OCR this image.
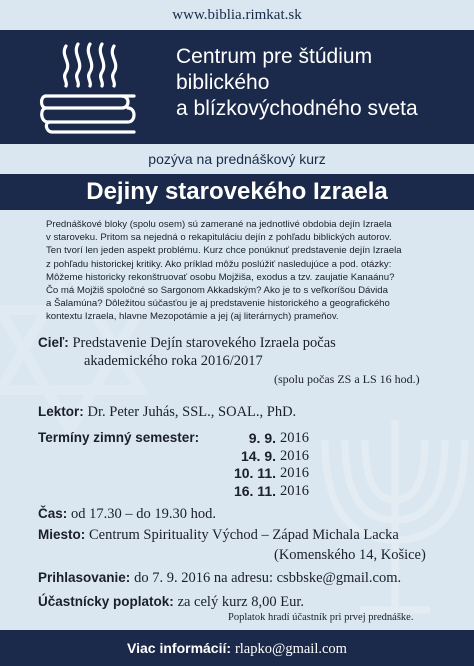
www.biblia.rimkat.sk
Centrum pre štúdium
biblického
a blízkovýchodného sveta
pozýva na prednáškový kurz
Dejiny starovekého Izraela
Prednáškové bloky (spolu osem) sú zamerané na jednotlivé obdobia dejín Izraela
v staroveku. Pritom sa nejedná o rekapituláciu dejín z pohľadu biblických autorov.
Ten tvorí len jeden aspekt problému. Kurz chce ponúknuť predstavenie dejín Izraela
z pohľadu historickej kritiky. Ako príklad môžu poslúžiť nasledujúce a pod. otázky:
Môžeme historicky rekonštruovať osobu Mojžiša, exodus a tzv. zaujatie Kanaánu?
Čo má Mojžiš spoločné so Sargonom Akkadským? Ako je to s veľkoríšou Dávida
a Šalamúna? Dôležitou súčasťou je aj predstavenie historického a geografického
kontextu Izraela, hlavne Mezopotámie a jej (aj literárnych) prameňov.
Cieľ: Predstavenie Dejín starovekého Izraela počas
akademického roka 2016/2017
(spolu počas ZS a LS 16 hod.)
Lektor: Dr. Peter Juhás, SSL., SOAL., PhD.
Termíny zimný semester:	9. 9. 2016
14. 9. 2016
10. 11. 2016
16. 11. 2016
Čas: od 17.30 – do 19.30 hod.
Miesto: Centrum Spirituality Východ – Západ Michala Lacka
(Komenského 14, Košice)
Prihlasovanie: do 7. 9. 2016 na adresu: csbbske@gmail.com.
Účastnícky poplatok: za celý kurz 8,00 Eur.
Poplatok hradí účastník pri prvej prednáške.
Viac informácií: rlapko@gmail.com
